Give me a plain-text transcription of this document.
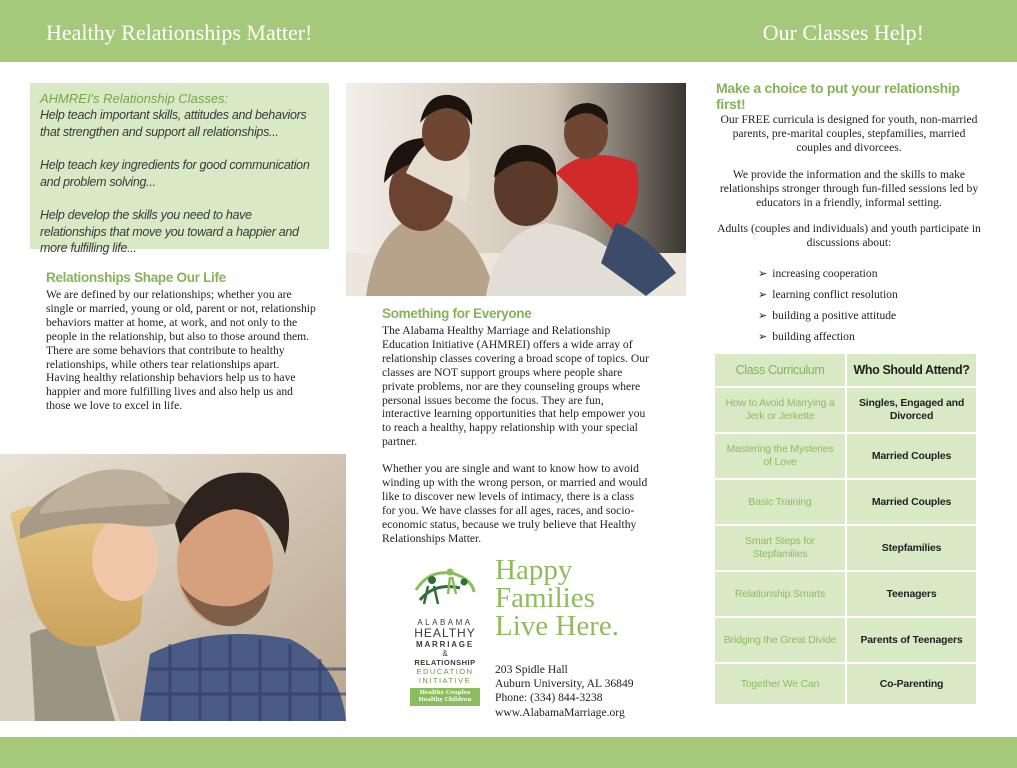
Healthy Relationships Matter!	Our Classes Help!
AHMREI's Relationship Classes:

Help teach important skills, attitudes and behaviors that strengthen and support all relationships...

Help teach key ingredients for good communication and problem solving...

Help develop the skills you need to have relationships that move you toward a happier and more fulfilling life...

Relationships Shape Our Life
We are defined by our relationships; whether you are single or married, young or old, parent or not, relationship behaviors matter at home, at work, and not only to the people in the relationship, but also to those around them. There are some behaviors that contribute to healthy relationships, while others tear relationships apart. Having healthy relationship behaviors help us to have happier and more fulfilling lives and also help us and those we love to excel in life.
Something for Everyone
The Alabama Healthy Marriage and Relationship Education Initiative (AHMREI) offers a wide array of relationship classes covering a broad scope of topics. Our classes are NOT support groups where people share private problems, nor are they counseling groups where personal issues become the focus. They are fun, interactive learning opportunities that help empower you to reach a healthy, happy relationship with your special partner.
Whether you are single and want to know how to avoid winding up with the wrong person, or married and would like to discover new levels of intimacy, there is a class for you. We have classes for all ages, races, and socio-economic status, because we truly believe that Healthy Relationships Matter.
ALABAMA
HEALTHY
MARRIAGE
&
RELATIONSHIP
EDUCATION
INITIATIVE
Healthy Couples
Healthy Children
Happy
Families
Live Here.
203 Spidle Hall
Auburn University, AL 36849
Phone: (334) 844-3238
www.AlabamaMarriage.org
Make a choice to put your relationship first!
Our FREE curricula is designed for youth, non-married parents, pre-marital couples, stepfamilies, married couples and divorcees.
We provide the information and the skills to make relationships stronger through fun-filled sessions led by educators in a friendly, informal setting.
Adults (couples and individuals) and youth participate in discussions about:
➢ increasing cooperation
➢ learning conflict resolution
➢ building a positive attitude
➢ building affection
Class Curriculum	Who Should Attend?
How to Avoid Marrying a Jerk or Jerkette	Singles, Engaged and Divorced
Mastering the Mysteries of Love	Married Couples
Basic Training	Married Couples
Smart Steps for Stepfamilies	Stepfamilies
Relationship Smarts	Teenagers
Bridging the Great Divide	Parents of Teenagers
Together We Can	Co-Parenting
